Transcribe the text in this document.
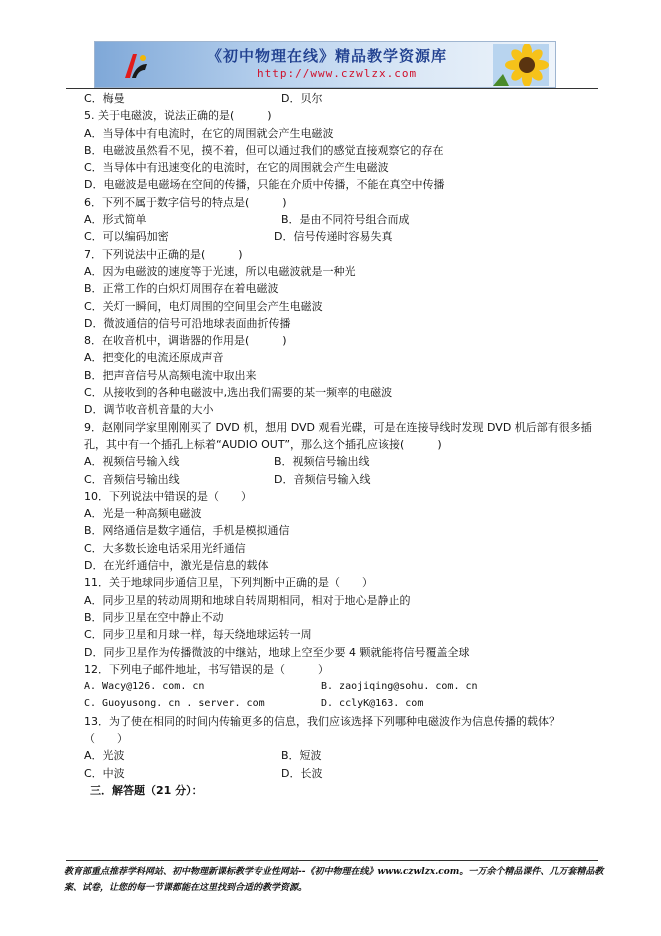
《初中物理在线》精品教学资源库
http://www.czwlzx.com
C．梅曼	D．贝尔
5. 关于电磁波，说法正确的是(　　　)
A．当导体中有电流时，在它的周围就会产生电磁波
B．电磁波虽然看不见，摸不着，但可以通过我们的感觉直接观察它的存在
C．当导体中有迅速变化的电流时，在它的周围就会产生电磁波
D．电磁波是电磁场在空间的传播，只能在介质中传播，不能在真空中传播
6．下列不属于数字信号的特点是(　　　)
A．形式简单	B．是由不同符号组合而成
C．可以编码加密	D．信号传递时容易失真
7．下列说法中正确的是(　　　)
A．因为电磁波的速度等于光速，所以电磁波就是一种光
B．正常工作的白炽灯周围存在着电磁波
C．关灯一瞬间，电灯周围的空间里会产生电磁波
D．微波通信的信号可沿地球表面曲折传播
8．在收音机中，调谐器的作用是(　　　)
A．把变化的电流还原成声音
B．把声音信号从高频电流中取出来
C．从接收到的各种电磁波中,选出我们需要的某一频率的电磁波
D．调节收音机音量的大小
9．赵刚同学家里刚刚买了 DVD 机，想用 DVD 观看光碟，可是在连接导线时发现 DVD 机后部有很多插孔，其中有一个插孔上标着“AUDIO OUT”，那么这个插孔应该接(　　　)
A．视频信号输入线	B．视频信号输出线
C．音频信号输出线	D．音频信号输入线
10．下列说法中错误的是（　　）
A．光是一种高频电磁波
B．网络通信是数字通信，手机是模拟通信
C．大多数长途电话采用光纤通信
D．在光纤通信中，激光是信息的载体
11．关于地球同步通信卫星，下列判断中正确的是（　　）
A．同步卫星的转动周期和地球自转周期相同，相对于地心是静止的
B．同步卫星在空中静止不动
C．同步卫星和月球一样，每天绕地球运转一周
D．同步卫星作为传播微波的中继站，地球上空至少要 4 颗就能将信号覆盖全球
12．下列电子邮件地址，书写错误的是（　　　）
A. Wacy@126. com. cn	B. zaojiqing@sohu. com. cn
C. Guoyusong. cn . server. com	D. cclyK@163. com
13．为了使在相同的时间内传输更多的信息，我们应该选择下列哪种电磁波作为信息传播的载体？（　　）
A．光波	B．短波
C．中波	D．长波
三．解答题（21 分）：
教育部重点推荐学科网站、初中物理新课标教学专业性网站--《初中物理在线》www.czwlzx.com。一万余个精品课件、几万套精品教案、试卷，让您的每一节课都能在这里找到合适的教学资源。
